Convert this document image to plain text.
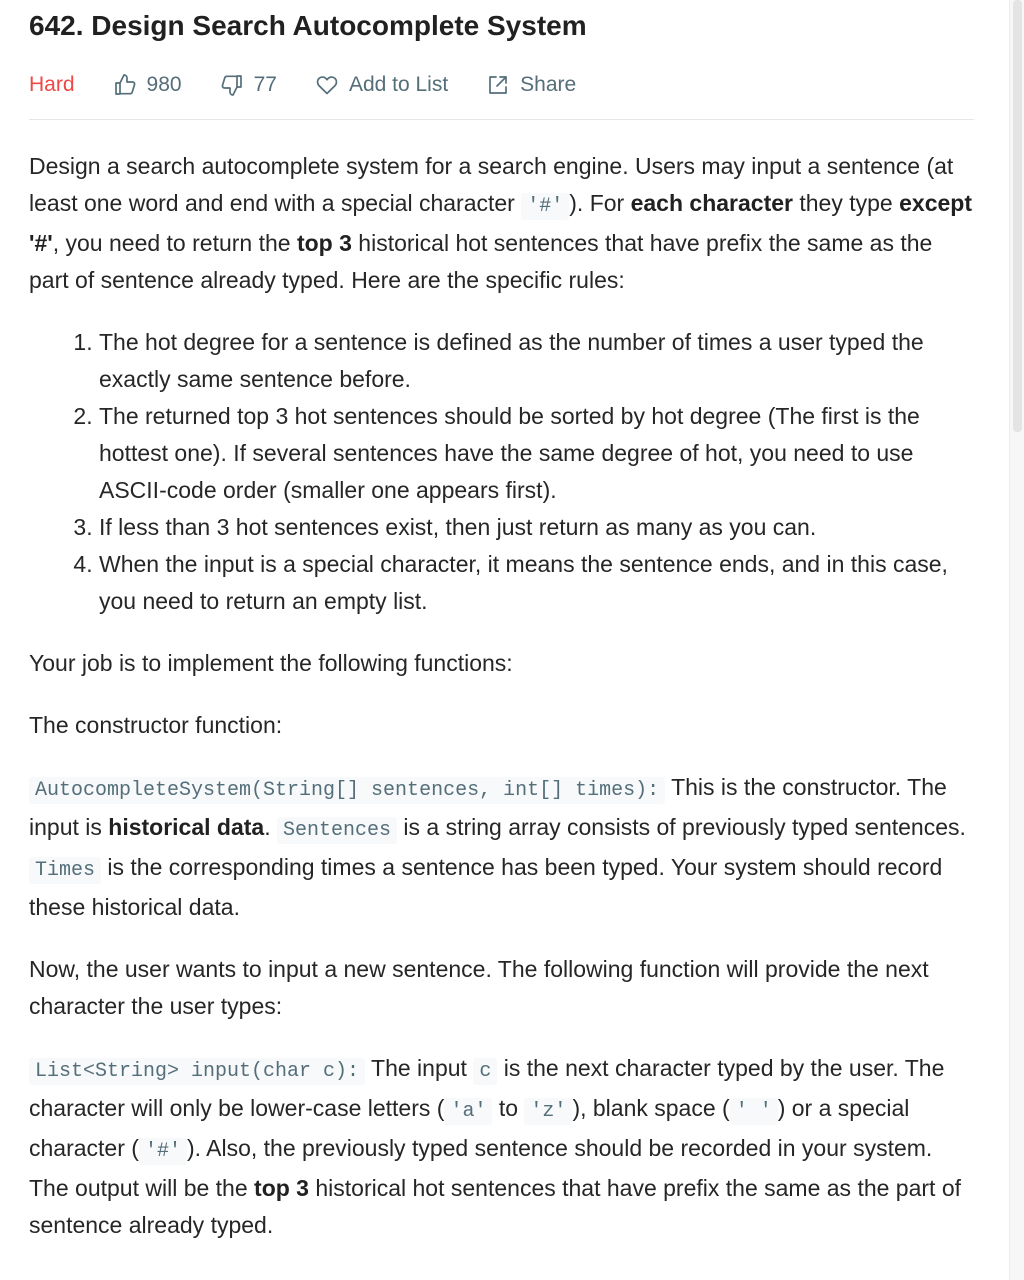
642. Design Search Autocomplete System
Hard	980	77	Add to List	Share

Design a search autocomplete system for a search engine. Users may input a sentence (at least one word and end with a special character '#' ). For each character they type except '#', you need to return the top 3 historical hot sentences that have prefix the same as the part of sentence already typed. Here are the specific rules:

1. The hot degree for a sentence is defined as the number of times a user typed the exactly same sentence before.
2. The returned top 3 hot sentences should be sorted by hot degree (The first is the hottest one). If several sentences have the same degree of hot, you need to use ASCII-code order (smaller one appears first).
3. If less than 3 hot sentences exist, then just return as many as you can.
4. When the input is a special character, it means the sentence ends, and in this case, you need to return an empty list.

Your job is to implement the following functions:

The constructor function:

AutocompleteSystem(String[] sentences, int[] times): This is the constructor. The input is historical data. Sentences is a string array consists of previously typed sentences. Times is the corresponding times a sentence has been typed. Your system should record these historical data.

Now, the user wants to input a new sentence. The following function will provide the next character the user types:

List<String> input(char c): The input c is the next character typed by the user. The character will only be lower-case letters ( 'a' to 'z' ), blank space ( ' ' ) or a special character ( '#' ). Also, the previously typed sentence should be recorded in your system. The output will be the top 3 historical hot sentences that have prefix the same as the part of sentence already typed.
